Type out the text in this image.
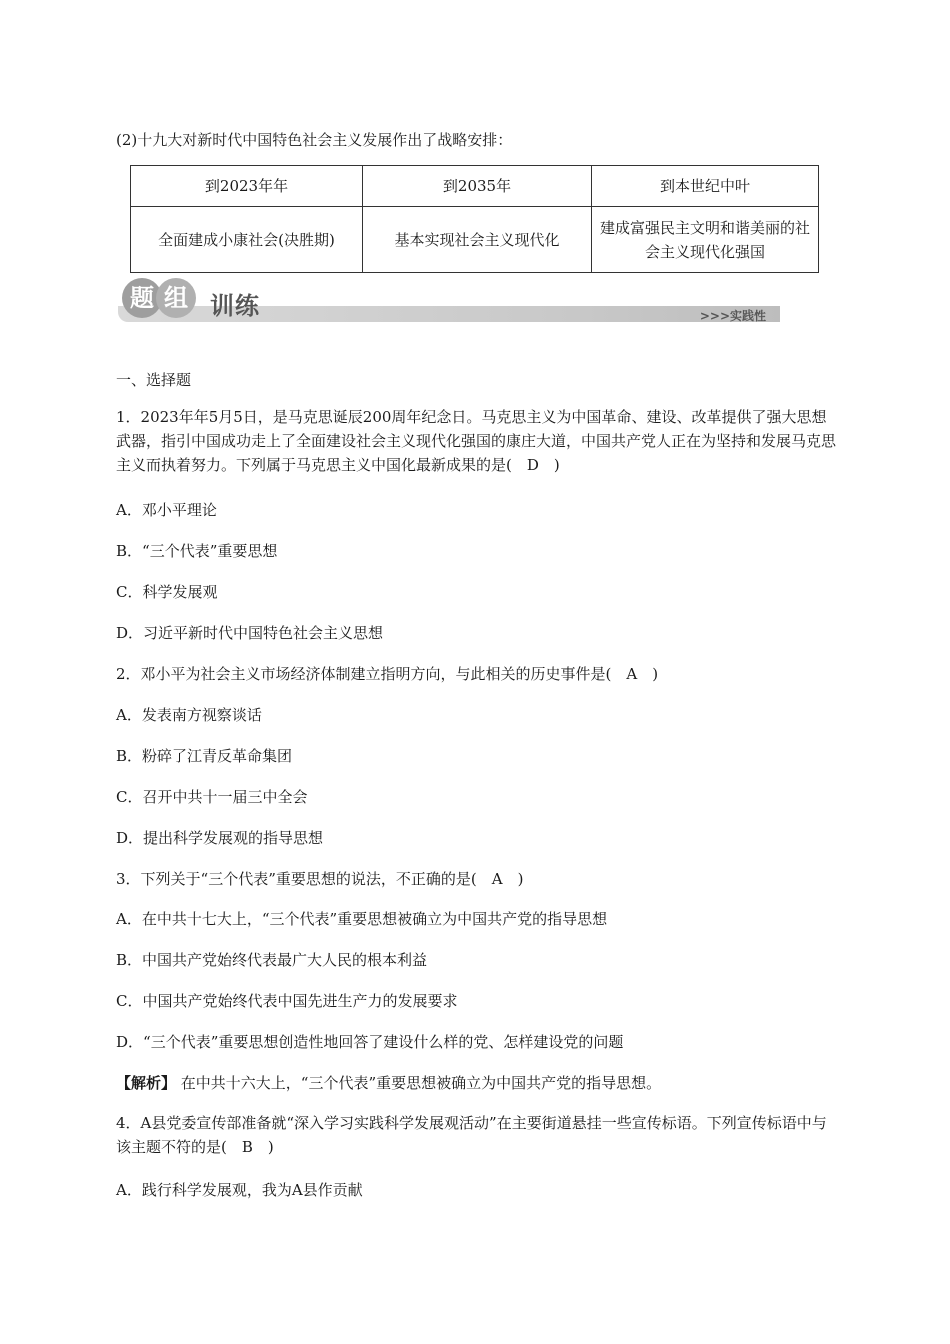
(2)十九大对新时代中国特色社会主义发展作出了战略安排：
到2023年年	到2035年	到本世纪中叶
全面建成小康社会(决胜期)	基本实现社会主义现代化	建成富强民主文明和谐美丽的社会主义现代化强国
题 组 训练	>>>实践性
一、选择题
1．2023年年5月5日，是马克思诞辰200周年纪念日。马克思主义为中国革命、建设、改革提供了强大思想武器，指引中国成功走上了全面建设社会主义现代化强国的康庄大道，中国共产党人正在为坚持和发展马克思主义而执着努力。下列属于马克思主义中国化最新成果的是(　D　)
A．邓小平理论
B．“三个代表”重要思想
C．科学发展观
D．习近平新时代中国特色社会主义思想
2．邓小平为社会主义市场经济体制建立指明方向，与此相关的历史事件是(　A　)
A．发表南方视察谈话
B．粉碎了江青反革命集团
C．召开中共十一届三中全会
D．提出科学发展观的指导思想
3．下列关于“三个代表”重要思想的说法，不正确的是(　A　)
A．在中共十七大上，“三个代表”重要思想被确立为中国共产党的指导思想
B．中国共产党始终代表最广大人民的根本利益
C．中国共产党始终代表中国先进生产力的发展要求
D．“三个代表”重要思想创造性地回答了建设什么样的党、怎样建设党的问题
【解析】 在中共十六大上，“三个代表”重要思想被确立为中国共产党的指导思想。
4．A县党委宣传部准备就“深入学习实践科学发展观活动”在主要街道悬挂一些宣传标语。下列宣传标语中与该主题不符的是(　B　)
A．践行科学发展观，我为A县作贡献
